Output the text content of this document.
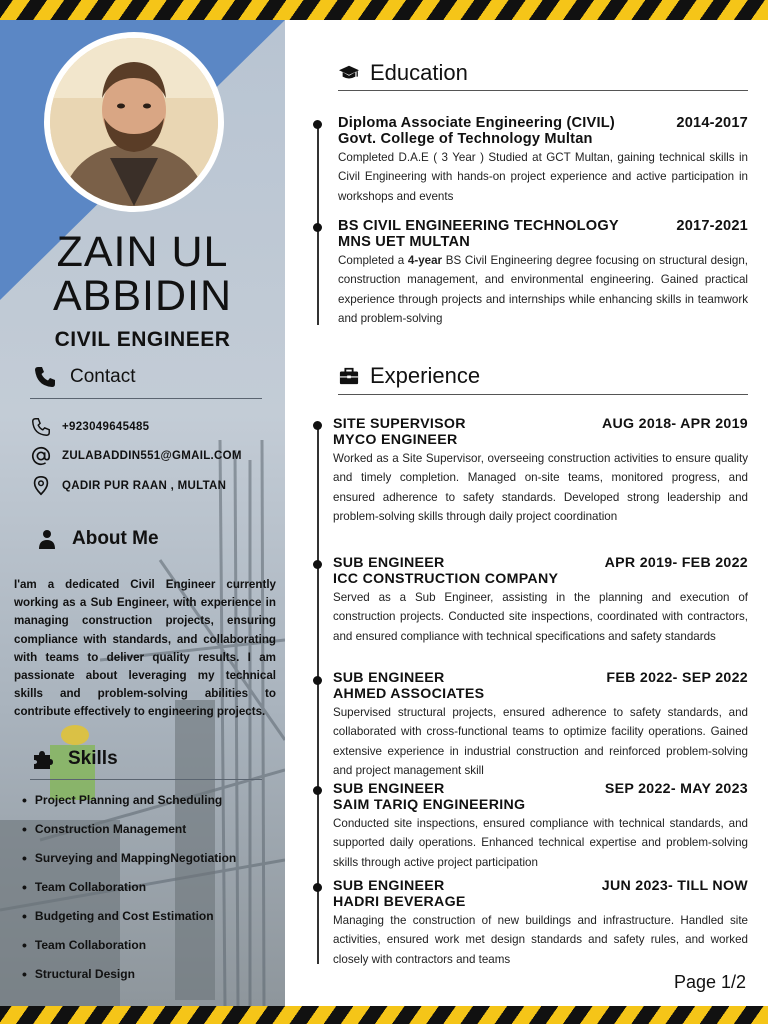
ZAIN UL
ABBIDIN
CIVIL ENGINEER
Contact
+923049645485
ZULABADDIN551@GMAIL.COM
QADIR PUR RAAN , MULTAN
About Me
I'am a dedicated Civil Engineer currently working as a Sub Engineer, with experience in managing construction projects, ensuring compliance with standards, and collaborating with teams to deliver quality results. I am passionate about leveraging my technical skills and problem-solving abilities to contribute effectively to engineering projects.
Skills
• Project Planning and Scheduling
• Construction Management
• Surveying and MappingNegotiation
• Team Collaboration
• Budgeting and Cost Estimation
• Team Collaboration
• Structural Design
Education
Diploma Associate Engineering (CIVIL)	2014-2017
Govt. College of Technology Multan
Completed D.A.E ( 3 Year ) Studied at GCT Multan, gaining technical skills in Civil Engineering with hands-on project experience and active participation in workshops and events
BS CIVIL ENGINEERING TECHNOLOGY	2017-2021
MNS UET MULTAN
Completed a 4-year BS Civil Engineering degree focusing on structural design, construction management, and environmental engineering. Gained practical experience through projects and internships while enhancing skills in teamwork and problem-solving
Experience
SITE SUPERVISOR	AUG 2018- APR 2019
MYCO ENGINEER
Worked as a Site Supervisor, overseeing construction activities to ensure quality and timely completion. Managed on-site teams, monitored progress, and ensured adherence to safety standards. Developed strong leadership and problem-solving skills through daily project coordination
SUB ENGINEER	APR 2019- FEB 2022
ICC CONSTRUCTION COMPANY
Served as a Sub Engineer, assisting in the planning and execution of construction projects. Conducted site inspections, coordinated with contractors, and ensured compliance with technical specifications and safety standards
SUB ENGINEER	FEB 2022- SEP 2022
AHMED ASSOCIATES
Supervised structural projects, ensured adherence to safety standards, and collaborated with cross-functional teams to optimize facility operations. Gained extensive experience in industrial construction and reinforced problem-solving and project management skill
SUB ENGINEER	SEP 2022- MAY 2023
SAIM TARIQ ENGINEERING
Conducted site inspections, ensured compliance with technical standards, and supported daily operations. Enhanced technical expertise and problem-solving skills through active project participation
SUB ENGINEER	JUN 2023- TILL NOW
HADRI BEVERAGE
Managing the construction of new buildings and infrastructure. Handled site activities, ensured work met design standards and safety rules, and worked closely with contractors and teams
Page 1/2
